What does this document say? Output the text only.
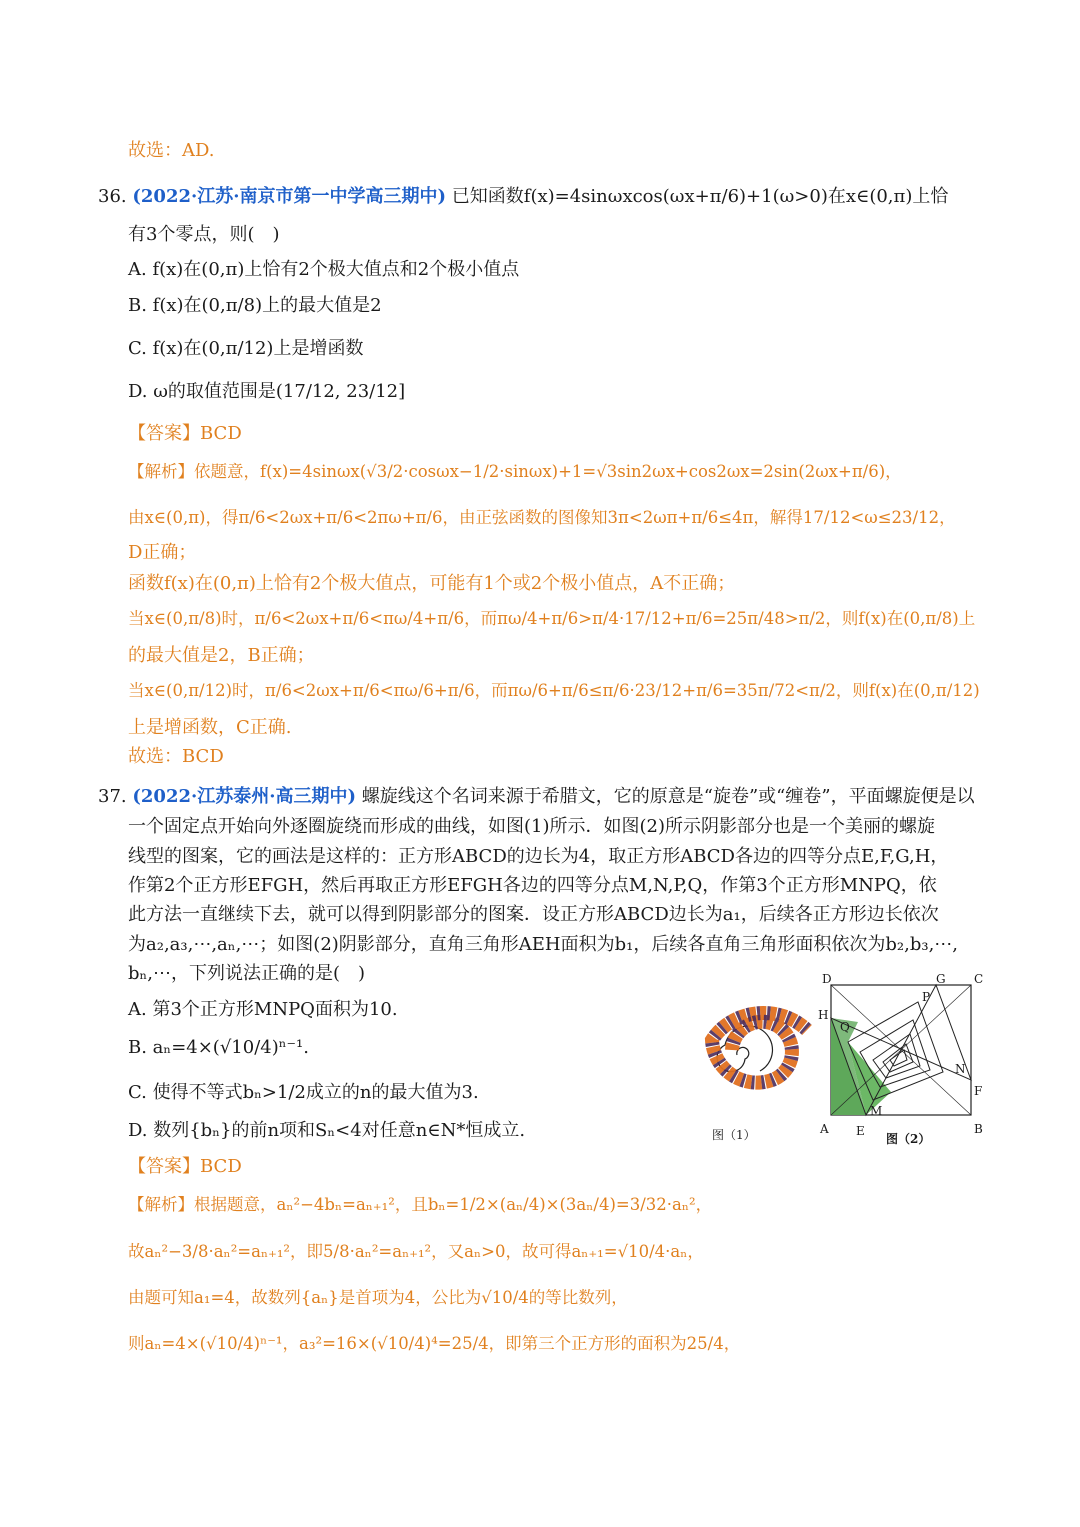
故选：AD.
36. (2022·江苏·南京市第一中学高三期中) 已知函数f(x)=4sinωxcos(ωx+π/6)+1(ω>0)在x∈(0,π)上恰
有3个零点，则(　)
A. f(x)在(0,π)上恰有2个极大值点和2个极小值点
B. f(x)在(0,π/8)上的最大值是2
C. f(x)在(0,π/12)上是增函数
D. ω的取值范围是(17/12, 23/12]
【答案】BCD
【解析】依题意，f(x)=4sinωx(√3/2·cosωx−1/2·sinωx)+1=√3sin2ωx+cos2ωx=2sin(2ωx+π/6)，
由x∈(0,π)，得π/6<2ωx+π/6<2πω+π/6，由正弦函数的图像知3π<2ωπ+π/6≤4π，解得17/12<ω≤23/12，
D正确；
函数f(x)在(0,π)上恰有2个极大值点，可能有1个或2个极小值点，A不正确；
当x∈(0,π/8)时，π/6<2ωx+π/6<πω/4+π/6，而πω/4+π/6>π/4·17/12+π/6=25π/48>π/2，则f(x)在(0,π/8)上
的最大值是2，B正确；
当x∈(0,π/12)时，π/6<2ωx+π/6<πω/6+π/6，而πω/6+π/6≤π/6·23/12+π/6=35π/72<π/2，则f(x)在(0,π/12)
上是增函数，C正确.
故选：BCD
37. (2022·江苏泰州·高三期中) 螺旋线这个名词来源于希腊文，它的原意是“旋卷”或“缠卷”，平面螺旋便是以
一个固定点开始向外逐圈旋绕而形成的曲线，如图(1)所示．如图(2)所示阴影部分也是一个美丽的螺旋
线型的图案，它的画法是这样的：正方形ABCD的边长为4，取正方形ABCD各边的四等分点E,F,G,H，
作第2个正方形EFGH，然后再取正方形EFGH各边的四等分点M,N,P,Q，作第3个正方形MNPQ，依
此方法一直继续下去，就可以得到阴影部分的图案．设正方形ABCD边长为a₁，后续各正方形边长依次
为a₂,a₃,⋯,aₙ,⋯；如图(2)阴影部分，直角三角形AEH面积为b₁，后续各直角三角形面积依次为b₂,b₃,⋯,
bₙ,⋯，下列说法正确的是(　)
A. 第3个正方形MNPQ面积为10.
B. aₙ=4×(√10/4)ⁿ⁻¹.
C. 使得不等式bₙ>1/2成立的n的最大值为3.
D. 数列{bₙ}的前n项和Sₙ<4对任意n∈N*恒成立.	图（1）
D	G C
H
P
Q
N
F
M
A E	B
图（2）
【答案】BCD
【解析】根据题意，aₙ²−4bₙ=aₙ₊₁²，且bₙ=1/2×(aₙ/4)×(3aₙ/4)=3/32·aₙ²，
故aₙ²−3/8·aₙ²=aₙ₊₁²，即5/8·aₙ²=aₙ₊₁²，又aₙ>0，故可得aₙ₊₁=√10/4·aₙ，
由题可知a₁=4，故数列{aₙ}是首项为4，公比为√10/4的等比数列，
则aₙ=4×(√10/4)ⁿ⁻¹，a₃²=16×(√10/4)⁴=25/4，即第三个正方形的面积为25/4，
